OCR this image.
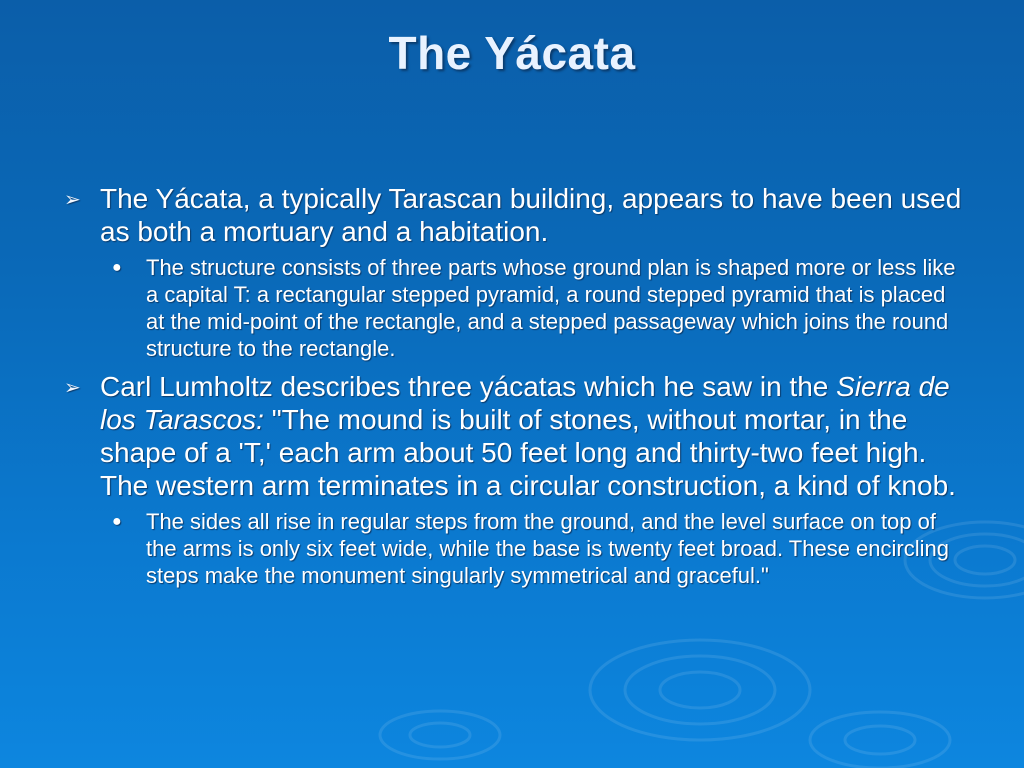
The Yácata
➢ The Yácata, a typically Tarascan building, appears to have been used as both a mortuary and a habitation.
● The structure consists of three parts whose ground plan is shaped more or less like a capital T: a rectangular stepped pyramid, a round stepped pyramid that is placed at the mid-point of the rectangle, and a stepped passageway which joins the round structure to the rectangle.
➢ Carl Lumholtz describes three yácatas which he saw in the Sierra de los Tarascos: "The mound is built of stones, without mortar, in the shape of a 'T,' each arm about 50 feet long and thirty-two feet high. The western arm terminates in a circular construction, a kind of knob.
● The sides all rise in regular steps from the ground, and the level surface on top of the arms is only six feet wide, while the base is twenty feet broad. These encircling steps make the monument singularly symmetrical and graceful."
